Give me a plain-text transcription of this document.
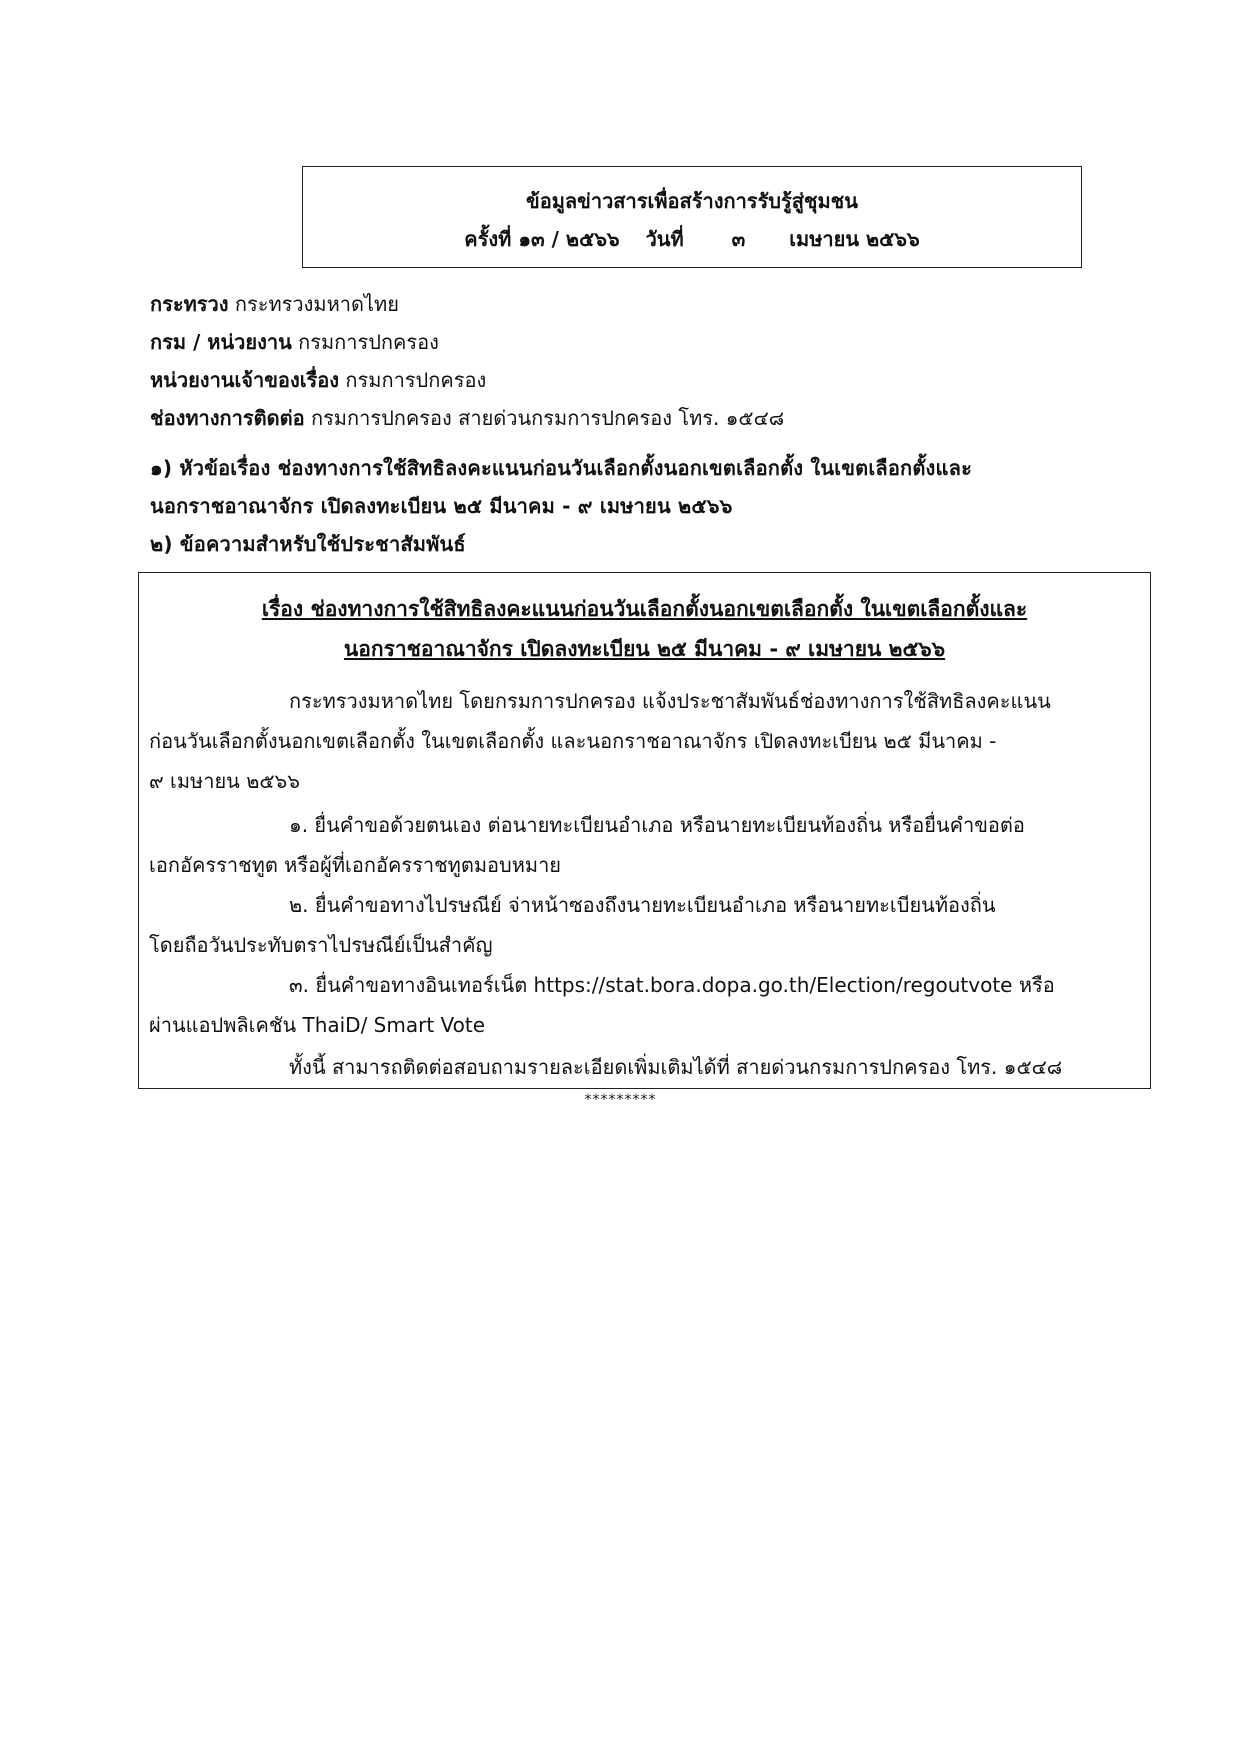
ข้อมูลข่าวสารเพื่อสร้างการรับรู้สู่ชุมชน
ครั้งที่ ๑๓ / ๒๕๖๖ วันที่ ๓ เมษายน ๒๕๖๖
กระทรวง กระทรวงมหาดไทย
กรม / หน่วยงาน กรมการปกครอง
หน่วยงานเจ้าของเรื่อง กรมการปกครอง
ช่องทางการติดต่อ กรมการปกครอง สายด่วนกรมการปกครอง โทร. ๑๕๔๘
๑) หัวข้อเรื่อง ช่องทางการใช้สิทธิลงคะแนนก่อนวันเลือกตั้งนอกเขตเลือกตั้ง ในเขตเลือกตั้งและ
นอกราชอาณาจักร เปิดลงทะเบียน ๒๕ มีนาคม - ๙ เมษายน ๒๕๖๖
๒) ข้อความสำหรับใช้ประชาสัมพันธ์
เรื่อง ช่องทางการใช้สิทธิลงคะแนนก่อนวันเลือกตั้งนอกเขตเลือกตั้ง ในเขตเลือกตั้งและ
นอกราชอาณาจักร เปิดลงทะเบียน ๒๕ มีนาคม - ๙ เมษายน ๒๕๖๖
กระทรวงมหาดไทย โดยกรมการปกครอง แจ้งประชาสัมพันธ์ช่องทางการใช้สิทธิลงคะแนน
ก่อนวันเลือกตั้งนอกเขตเลือกตั้ง ในเขตเลือกตั้ง และนอกราชอาณาจักร เปิดลงทะเบียน ๒๕ มีนาคม -
๙ เมษายน ๒๕๖๖
๑. ยื่นคำขอด้วยตนเอง ต่อนายทะเบียนอำเภอ หรือนายทะเบียนท้องถิ่น หรือยื่นคำขอต่อ
เอกอัครราชทูต หรือผู้ที่เอกอัครราชทูตมอบหมาย
๒. ยื่นคำขอทางไปรษณีย์ จ่าหน้าซองถึงนายทะเบียนอำเภอ หรือนายทะเบียนท้องถิ่น
โดยถือวันประทับตราไปรษณีย์เป็นสำคัญ
๓. ยื่นคำขอทางอินเทอร์เน็ต https://stat.bora.dopa.go.th/Election/regoutvote หรือ
ผ่านแอปพลิเคชัน ThaiD/ Smart Vote
ทั้งนี้ สามารถติดต่อสอบถามรายละเอียดเพิ่มเติมได้ที่ สายด่วนกรมการปกครอง โทร. ๑๕๔๘
*********
